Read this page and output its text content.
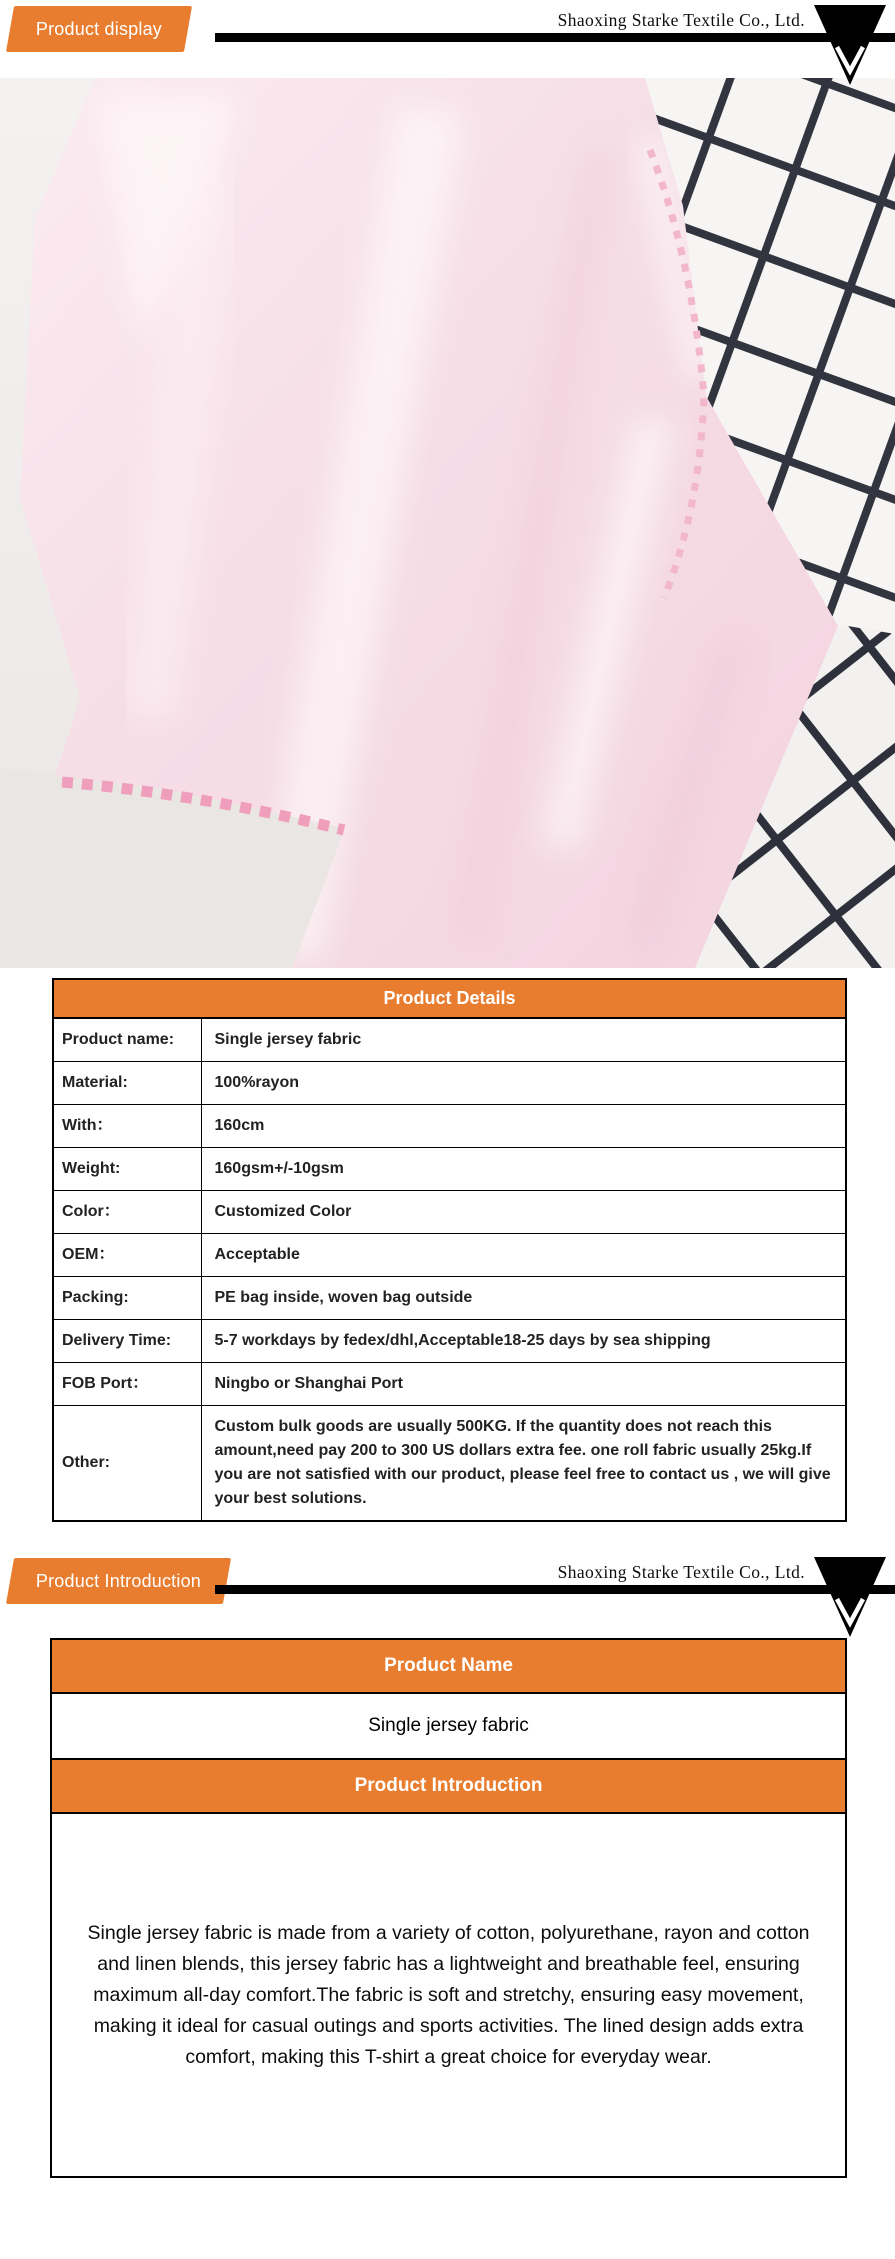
Product display	Shaoxing Starke Textile Co., Ltd.
Product Details	
Product name:	Single jersey fabric
Material:	100%rayon
With：	160cm
Weight:	160gsm+/-10gsm
Color：	Customized Color
OEM：	Acceptable
Packing:	PE bag inside, woven bag outside
Delivery Time:	5-7 workdays by fedex/dhl,Acceptable18-25 days by sea shipping
FOB Port：	Ningbo or Shanghai Port
Other:	Custom bulk goods are usually 500KG. If the quantity does not reach this amount,need pay 200 to 300 US dollars extra fee. one roll fabric usually 25kg.If you are not satisfied with our product, please feel free to contact us , we will give your best solutions.
Product Introduction	Shaoxing Starke Textile Co., Ltd.
Product Name
Single jersey fabric
Product Introduction

Single jersey fabric is made from a variety of cotton, polyurethane, rayon and cotton and linen blends, this jersey fabric has a lightweight and breathable feel, ensuring maximum all-day comfort.The fabric is soft and stretchy, ensuring easy movement, making it ideal for casual outings and sports activities. The lined design adds extra comfort, making this T-shirt a great choice for everyday wear.
